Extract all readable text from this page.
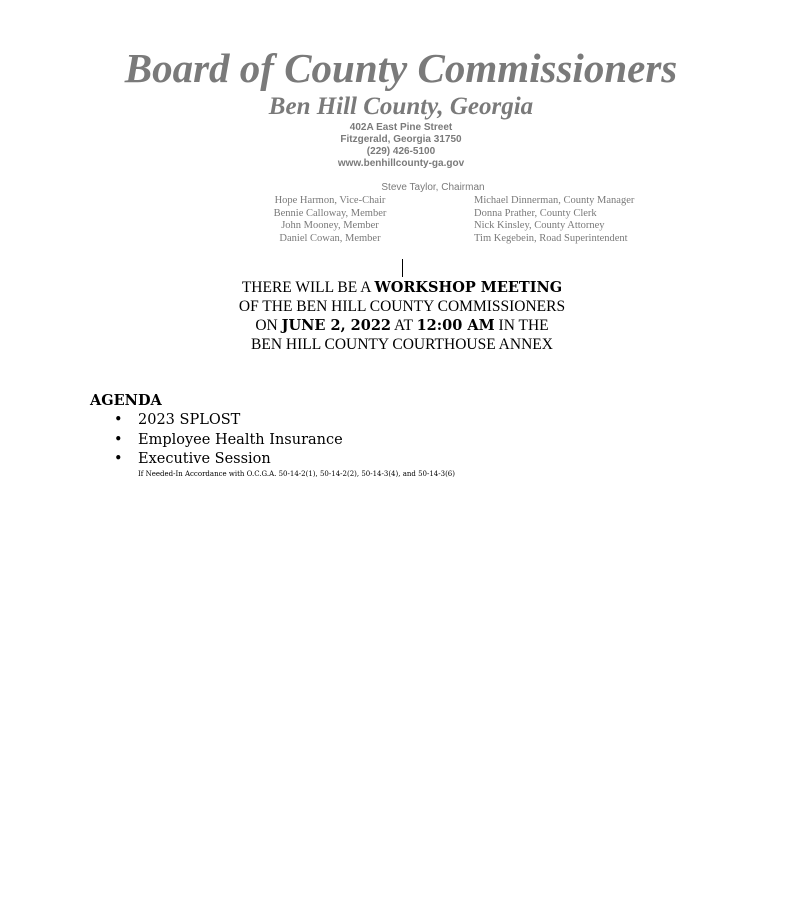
Board of County Commissioners
Ben Hill County, Georgia
402A East Pine Street
Fitzgerald, Georgia 31750
(229) 426-5100
www.benhillcounty-ga.gov
Steve Taylor, Chairman
Hope Harmon, Vice-Chair
Bennie Calloway, Member
John Mooney, Member
Daniel Cowan, Member
Michael Dinnerman, County Manager
Donna Prather, County Clerk
Nick Kinsley, County Attorney
Tim Kegebein, Road Superintendent
THERE WILL BE A WORKSHOP MEETING
OF THE BEN HILL COUNTY COMMISSIONERS
ON JUNE 2, 2022 AT 12:00 AM IN THE
BEN HILL COUNTY COURTHOUSE ANNEX
AGENDA
• 2023 SPLOST
• Employee Health Insurance
• Executive Session
If Needed-In Accordance with O.C.G.A. 50-14-2(1), 50-14-2(2), 50-14-3(4), and 50-14-3(6)
